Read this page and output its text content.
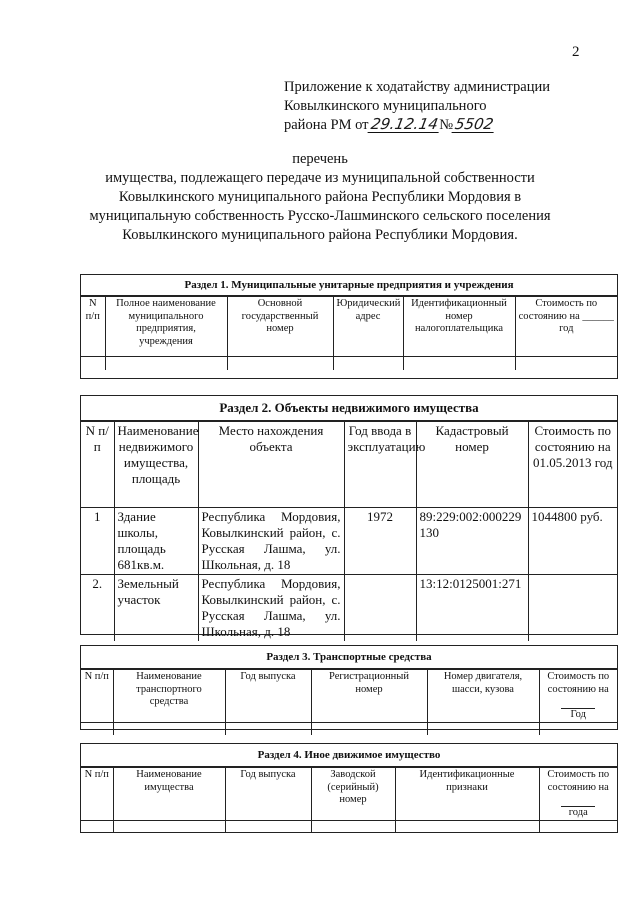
2
Приложение к ходатайству администрации
Ковылкинского муниципального
района РМ от29.12.14№5502
перечень
имущества, подлежащего передаче из муниципальной собственности
Ковылкинского муниципального района Республики Мордовия в
муниципальную собственность Русско-Лашминского сельского поселения
Ковылкинского муниципального района Республики Мордовия.
Раздел 1. Муниципальные унитарные предприятия и учреждения
N п/п	Полное наименование муниципального предприятия, учреждения	Основной государственный номер	Юридический адрес	Идентификационный номер налогоплательщика	Стоимость по состоянию на ______ год

Раздел 2. Объекты недвижимого имущества
N п/п	Наименование недвижимого имущества, площадь	Место нахождения объекта	Год ввода в эксплуатацию	Кадастровый номер	Стоимость по состоянию на 01.05.2013 год
1	Здание школы, площадь 681кв.м.	Республика Мордовия, Ковылкинский район, с. Русская Лашма, ул. Школьная, д. 18	1972	89:229:002:000229130	1044800 руб.
2.	Земельный участок	Республика Мордовия, Ковылкинский район, с. Русская Лашма, ул. Школьная, д. 18		13:12:0125001:271	
Раздел 3. Транспортные средства
N п/п	Наименование транспортного средства	Год выпуска	Регистрационный номер	Номер двигателя, шасси, кузова	Стоимость по состоянию на

Год

Раздел 4. Иное движимое имущество
N п/п	Наименование имущества	Год выпуска	Заводской (серийный) номер	Идентификационные признаки	Стоимость по состоянию на

года
